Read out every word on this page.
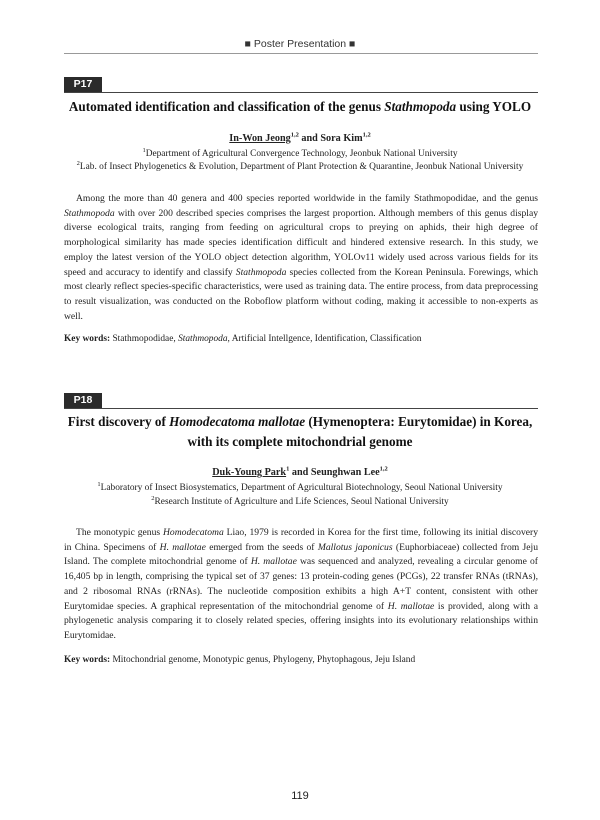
■ Poster Presentation ■
P17
Automated identification and classification of the genus Stathmopoda using YOLO
In-Won Jeong$^{1,2}$ and Sora Kim$^{1,2}$
$^1$Department of Agricultural Convergence Technology, Jeonbuk National University
$^2$Lab. of Insect Phylogenetics & Evolution, Department of Plant Protection & Quarantine, Jeonbuk National University

Among the more than 40 genera and 400 species reported worldwide in the family Stathmopodidae, and the genus Stathmopoda with over 200 described species comprises the largest proportion. Although members of this genus display diverse ecological traits, ranging from feeding on agricultural crops to preying on aphids, their high degree of morphological similarity has made species identification difficult and hindered extensive research. In this study, we employ the latest version of the YOLO object detection algorithm, YOLOv11 widely used across various fields for its speed and accuracy to identify and classify Stathmopoda species collected from the Korean Peninsula. Forewings, which most clearly reflect species-specific characteristics, were used as training data. The entire process, from data preprocessing to result visualization, was conducted on the Roboflow platform without coding, making it accessible to non-experts as well.

Key words: Stathmopodidae, Stathmopoda, Artificial Intellgence, Identification, Classification
P18
First discovery of Homodecatoma mallotae (Hymenoptera: Eurytomidae) in Korea,
with its complete mitochondrial genome
Duk-Young Park$^1$ and Seunghwan Lee$^{1,2}$
$^1$Laboratory of Insect Biosystematics, Department of Agricultural Biotechnology, Seoul National University
$^2$Research Institute of Agriculture and Life Sciences, Seoul National University

The monotypic genus Homodecatoma Liao, 1979 is recorded in Korea for the first time, following its initial discovery in China. Specimens of H. mallotae emerged from the seeds of Mallotus japonicus (Euphorbiaceae) collected from Jeju Island. The complete mitochondrial genome of H. mallotae was sequenced and analyzed, revealing a circular genome of 16,405 bp in length, comprising the typical set of 37 genes: 13 protein-coding genes (PCGs), 22 transfer RNAs (tRNAs), and 2 ribosomal RNAs (rRNAs). The nucleotide composition exhibits a high A+T content, consistent with other Eurytomidae species. A graphical representation of the mitochondrial genome of H. mallotae is provided, along with a phylogenetic analysis comparing it to closely related species, offering insights into its evolutionary relationships within Eurytomidae.

Key words: Mitochondrial genome, Monotypic genus, Phylogeny, Phytophagous, Jeju Island
119
